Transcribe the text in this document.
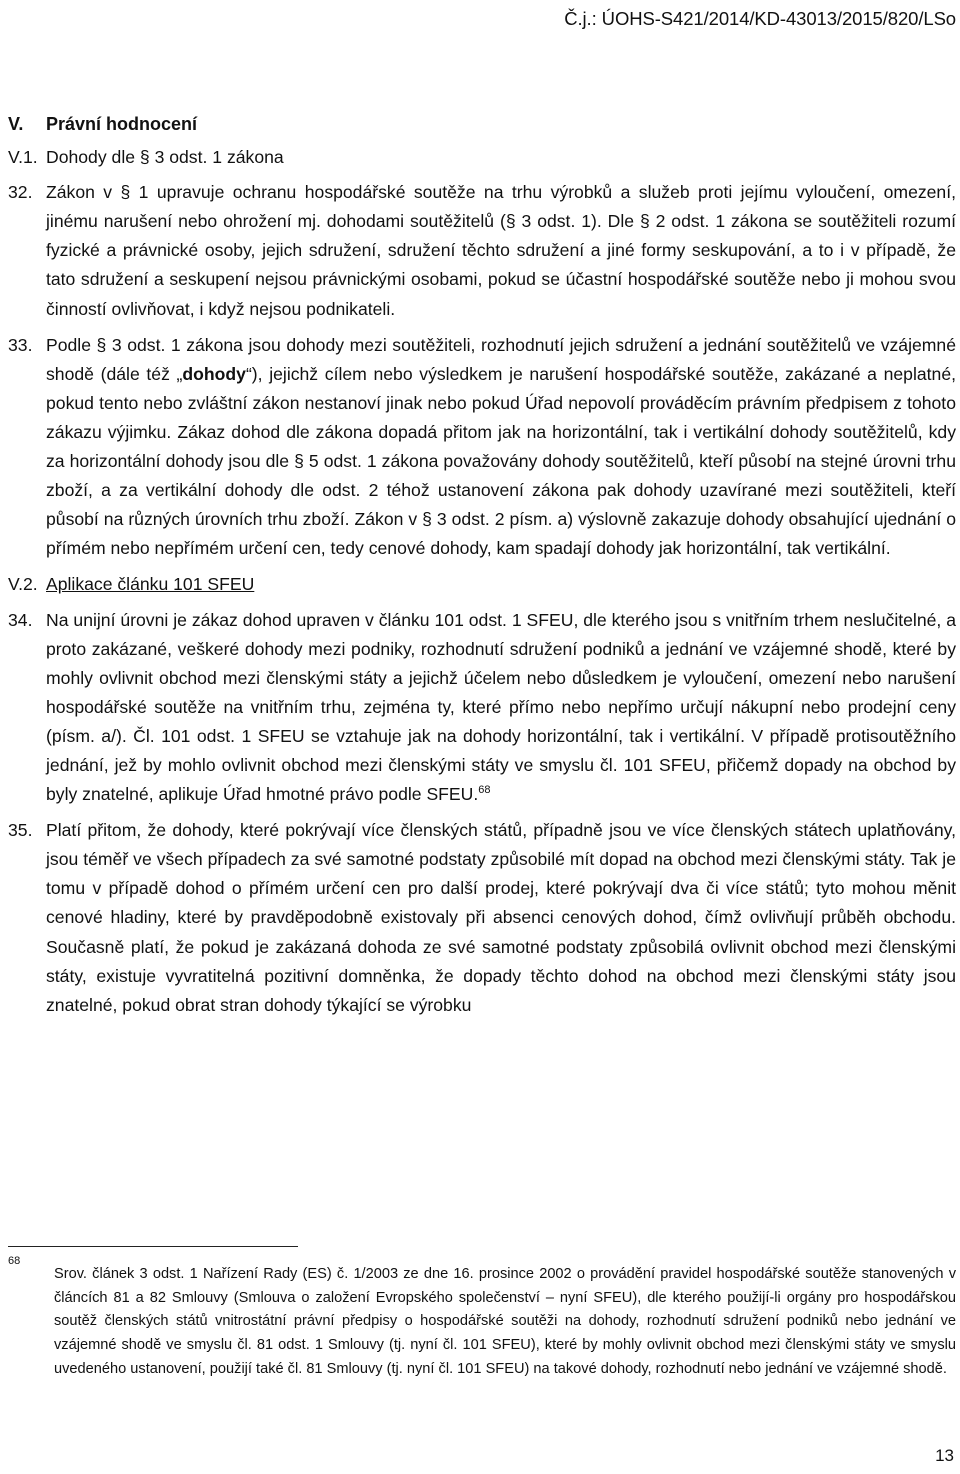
Č.j.: ÚOHS-S421/2014/KD-43013/2015/820/LSo
V. Právní hodnocení
V.1. Dohody dle § 3 odst. 1 zákona
32. Zákon v § 1 upravuje ochranu hospodářské soutěže na trhu výrobků a služeb proti jejímu vyloučení, omezení, jinému narušení nebo ohrožení mj. dohodami soutěžitelů (§ 3 odst. 1). Dle § 2 odst. 1 zákona se soutěžiteli rozumí fyzické a právnické osoby, jejich sdružení, sdružení těchto sdružení a jiné formy seskupování, a to i v případě, že tato sdružení a seskupení nejsou právnickými osobami, pokud se účastní hospodářské soutěže nebo ji mohou svou činností ovlivňovat, i když nejsou podnikateli.
33. Podle § 3 odst. 1 zákona jsou dohody mezi soutěžiteli, rozhodnutí jejich sdružení a jednání soutěžitelů ve vzájemné shodě (dále též „dohody“), jejichž cílem nebo výsledkem je narušení hospodářské soutěže, zakázané a neplatné, pokud tento nebo zvláštní zákon nestanoví jinak nebo pokud Úřad nepovolí prováděcím právním předpisem z tohoto zákazu výjimku. Zákaz dohod dle zákona dopadá přitom jak na horizontální, tak i vertikální dohody soutěžitelů, kdy za horizontální dohody jsou dle § 5 odst. 1 zákona považovány dohody soutěžitelů, kteří působí na stejné úrovni trhu zboží, a za vertikální dohody dle odst. 2 téhož ustanovení zákona pak dohody uzavírané mezi soutěžiteli, kteří působí na různých úrovních trhu zboží. Zákon v § 3 odst. 2 písm. a) výslovně zakazuje dohody obsahující ujednání o přímém nebo nepřímém určení cen, tedy cenové dohody, kam spadají dohody jak horizontální, tak vertikální.
V.2. Aplikace článku 101 SFEU
34. Na unijní úrovni je zákaz dohod upraven v článku 101 odst. 1 SFEU, dle kterého jsou s vnitřním trhem neslučitelné, a proto zakázané, veškeré dohody mezi podniky, rozhodnutí sdružení podniků a jednání ve vzájemné shodě, které by mohly ovlivnit obchod mezi členskými státy a jejichž účelem nebo důsledkem je vyloučení, omezení nebo narušení hospodářské soutěže na vnitřním trhu, zejména ty, které přímo nebo nepřímo určují nákupní nebo prodejní ceny (písm. a/). Čl. 101 odst. 1 SFEU se vztahuje jak na dohody horizontální, tak i vertikální. V případě protisoutěžního jednání, jež by mohlo ovlivnit obchod mezi členskými státy ve smyslu čl. 101 SFEU, přičemž dopady na obchod by byly znatelné, aplikuje Úřad hmotné právo podle SFEU.$^{68}$
35. Platí přitom, že dohody, které pokrývají více členských států, případně jsou ve více členských státech uplatňovány, jsou téměř ve všech případech za své samotné podstaty způsobilé mít dopad na obchod mezi členskými státy. Tak je tomu v případě dohod o přímém určení cen pro další prodej, které pokrývají dva či více států; tyto mohou měnit cenové hladiny, které by pravděpodobně existovaly při absenci cenových dohod, čímž ovlivňují průběh obchodu. Současně platí, že pokud je zakázaná dohoda ze své samotné podstaty způsobilá ovlivnit obchod mezi členskými státy, existuje vyvratitelná pozitivní domněnka, že dopady těchto dohod na obchod mezi členskými státy jsou znatelné, pokud obrat stran dohody týkající se výrobku
68
Srov. článek 3 odst. 1 Nařízení Rady (ES) č. 1/2003 ze dne 16. prosince 2002 o provádění pravidel hospodářské soutěže stanovených v článcích 81 a 82 Smlouvy (Smlouva o založení Evropského společenství – nyní SFEU), dle kterého použijí-li orgány pro hospodářskou soutěž členských států vnitrostátní právní předpisy o hospodářské soutěži na dohody, rozhodnutí sdružení podniků nebo jednání ve vzájemné shodě ve smyslu čl. 81 odst. 1 Smlouvy (tj. nyní čl. 101 SFEU), které by mohly ovlivnit obchod mezi členskými státy ve smyslu uvedeného ustanovení, použijí také čl. 81 Smlouvy (tj. nyní čl. 101 SFEU) na takové dohody, rozhodnutí nebo jednání ve vzájemné shodě.
13
